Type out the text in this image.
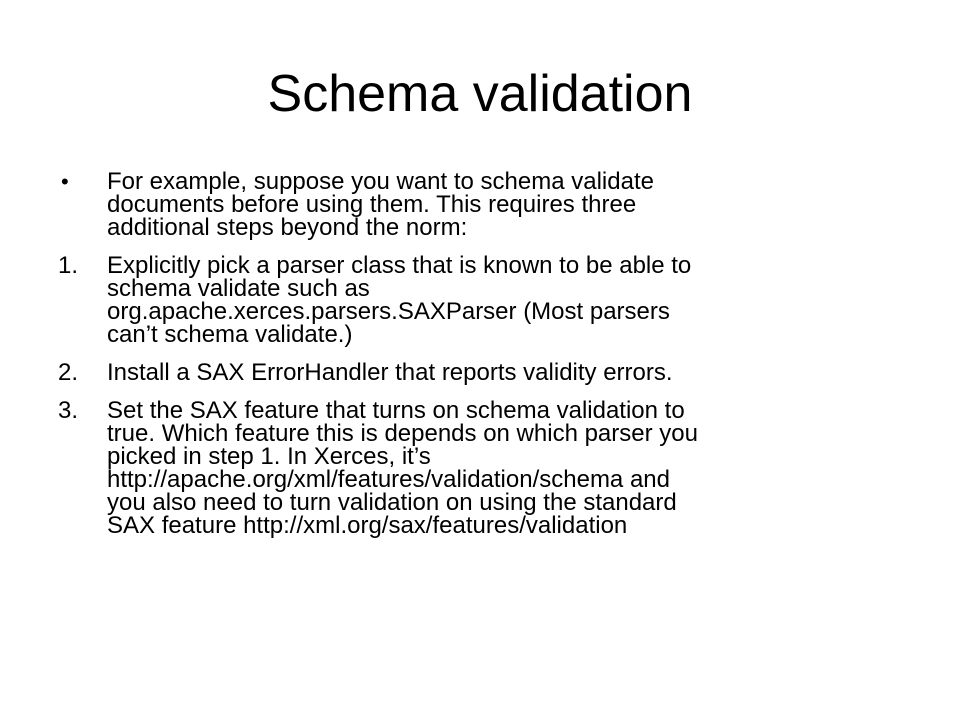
Schema validation
•	For example, suppose you want to schema validate
documents before using them. This requires three
additional steps beyond the norm:
1.	Explicitly pick a parser class that is known to be able to
schema validate such as
org.apache.xerces.parsers.SAXParser (Most parsers
can’t schema validate.)
2.	Install a SAX ErrorHandler that reports validity errors.
3.	Set the SAX feature that turns on schema validation to
true. Which feature this is depends on which parser you
picked in step 1. In Xerces, it’s
http://apache.org/xml/features/validation/schema and
you also need to turn validation on using the standard
SAX feature http://xml.org/sax/features/validation
